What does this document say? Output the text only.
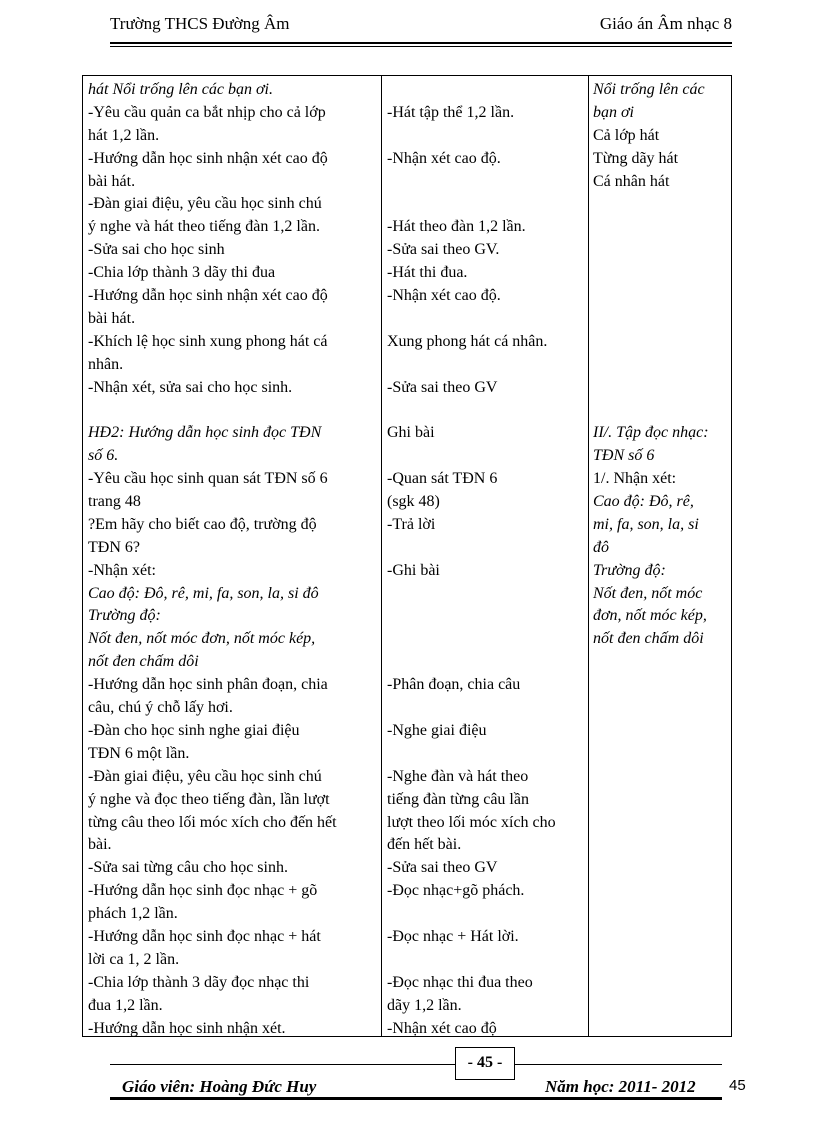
Trường THCS Đường Âm	Giáo án Âm nhạc 8
hát Nổi trống lên các bạn ơi.
-Yêu cầu quản ca bắt nhịp cho cả lớp
hát 1,2 lần.
-Hướng dẫn học sinh nhận xét cao độ
bài hát.
-Đàn giai điệu, yêu cầu học sinh chú
ý nghe và hát theo tiếng đàn 1,2 lần.
-Sửa sai cho học sinh
-Chia lớp thành 3 dãy thi đua
-Hướng dẫn học sinh nhận xét cao độ
bài hát.
-Khích lệ học sinh xung phong hát cá
nhân.
-Nhận xét, sửa sai cho học sinh.
HĐ2: Hướng dẫn học sinh đọc TĐN
số 6.
-Yêu cầu học sinh quan sát TĐN số 6
trang 48
?Em hãy cho biết cao độ, trường độ
TĐN 6?
-Nhận xét:
Cao độ: Đô, rê, mi, fa, son, la, si đô
Trường độ:
Nốt đen, nốt móc đơn, nốt móc kép,
nốt đen chấm dôi
-Hướng dẫn học sinh phân đoạn, chia
câu, chú ý chỗ lấy hơi.
-Đàn cho học sinh nghe giai điệu
TĐN 6 một lần.
-Đàn giai điệu, yêu cầu học sinh chú
ý nghe và đọc theo tiếng đàn, lần lượt
từng câu theo lối móc xích cho đến hết
bài.
-Sửa sai từng câu cho học sinh.
-Hướng dẫn học sinh đọc nhạc + gõ
phách 1,2 lần.
-Hướng dẫn học sinh đọc nhạc + hát
lời ca 1, 2 lần.
-Chia lớp thành 3 dãy đọc nhạc thi
đua 1,2 lần.
-Hướng dẫn học sinh nhận xét.
-Hát tập thể 1,2 lần.
-Nhận xét cao độ.
-Hát theo đàn 1,2 lần.
-Sửa sai theo GV.
-Hát thi đua.
-Nhận xét cao độ.
Xung phong hát cá nhân.
-Sửa sai theo GV
Ghi bài
-Quan sát TĐN 6
(sgk 48)
-Trả lời
-Ghi bài
-Phân đoạn, chia câu
-Nghe giai điệu
-Nghe đàn và hát theo
tiếng đàn từng câu lần
lượt theo lối móc xích cho
đến hết bài.
-Sửa sai theo GV
-Đọc nhạc+gõ phách.
-Đọc nhạc + Hát lời.
-Đọc nhạc thi đua theo
dãy 1,2 lần.
-Nhận xét cao độ
Nổi trống lên các
bạn ơi
Cả lớp hát
Từng dãy hát
Cá nhân hát
II/. Tập đọc nhạc:
TĐN số 6
1/. Nhận xét:
Cao độ: Đô, rê,
mi, fa, son, la, si
đô
Trường độ:
Nốt đen, nốt móc
đơn, nốt móc kép,
nốt đen chấm dôi
- 45 -
Giáo viên: Hoàng Đức Huy	Năm học: 2011- 2012 45
